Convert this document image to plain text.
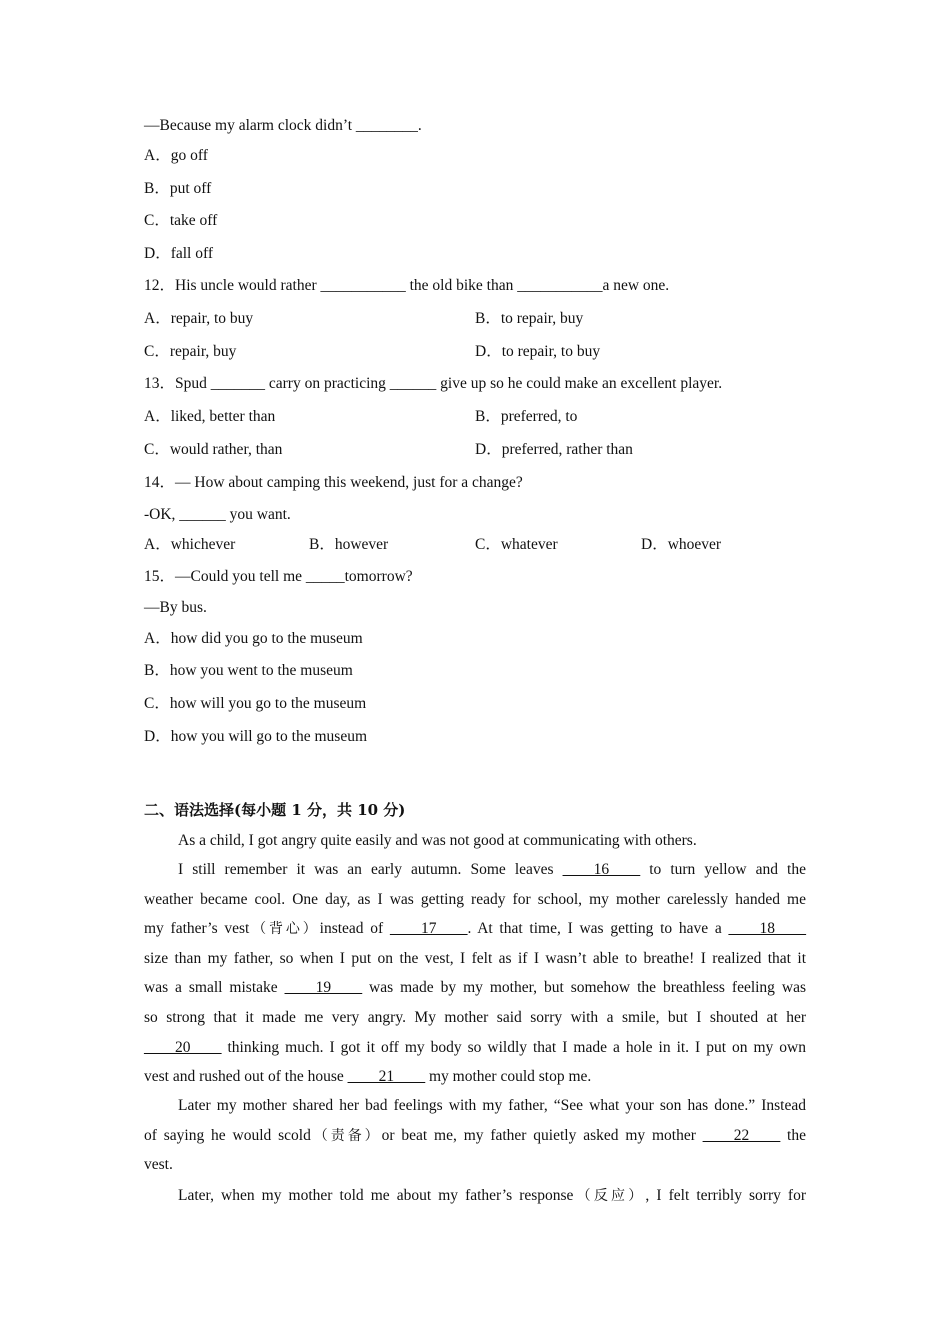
—Because my alarm clock didn’t ________.
A．go off
B．put off
C．take off
D．fall off
12．His uncle would rather ___________ the old bike than ___________a new one.
A．repair, to buy	B．to repair, buy
C．repair, buy	D．to repair, to buy
13．Spud _______ carry on practicing ______ give up so he could make an excellent player.
A．liked, better than	B．preferred, to
C．would rather, than	D．preferred, rather than
14．— How about camping this weekend, just for a change?
-OK, ______ you want.
A．whichever	B．however	C．whatever	D．whoever
15．—Could you tell me _____tomorrow?
—By bus.
A．how did you go to the museum
B．how you went to the museum
C．how will you go to the museum
D．how you will go to the museum
二、语法选择(每小题 1 分，共 10 分)
As a child, I got angry quite easily and was not good at communicating with others.
I still remember it was an early autumn. Some leaves ____16____ to turn yellow and the
weather became cool. One day, as I was getting ready for school, my mother carelessly handed me
my father’s vest（背心）instead of ____17____. At that time, I was getting to have a ____18____
size than my father, so when I put on the vest, I felt as if I wasn’t able to breathe! I realized that it
was a small mistake ____19____ was made by my mother, but somehow the breathless feeling was
so strong that it made me very angry. My mother said sorry with a smile, but I shouted at her
____20____ thinking much. I got it off my body so wildly that I made a hole in it. I put on my own
vest and rushed out of the house ____21____ my mother could stop me.
Later my mother shared her bad feelings with my father, “See what your son has done.” Instead
of saying he would scold（责备）or beat me, my father quietly asked my mother ____22____ the
vest.
Later, when my mother told me about my father’s response（反应）, I felt terribly sorry for
